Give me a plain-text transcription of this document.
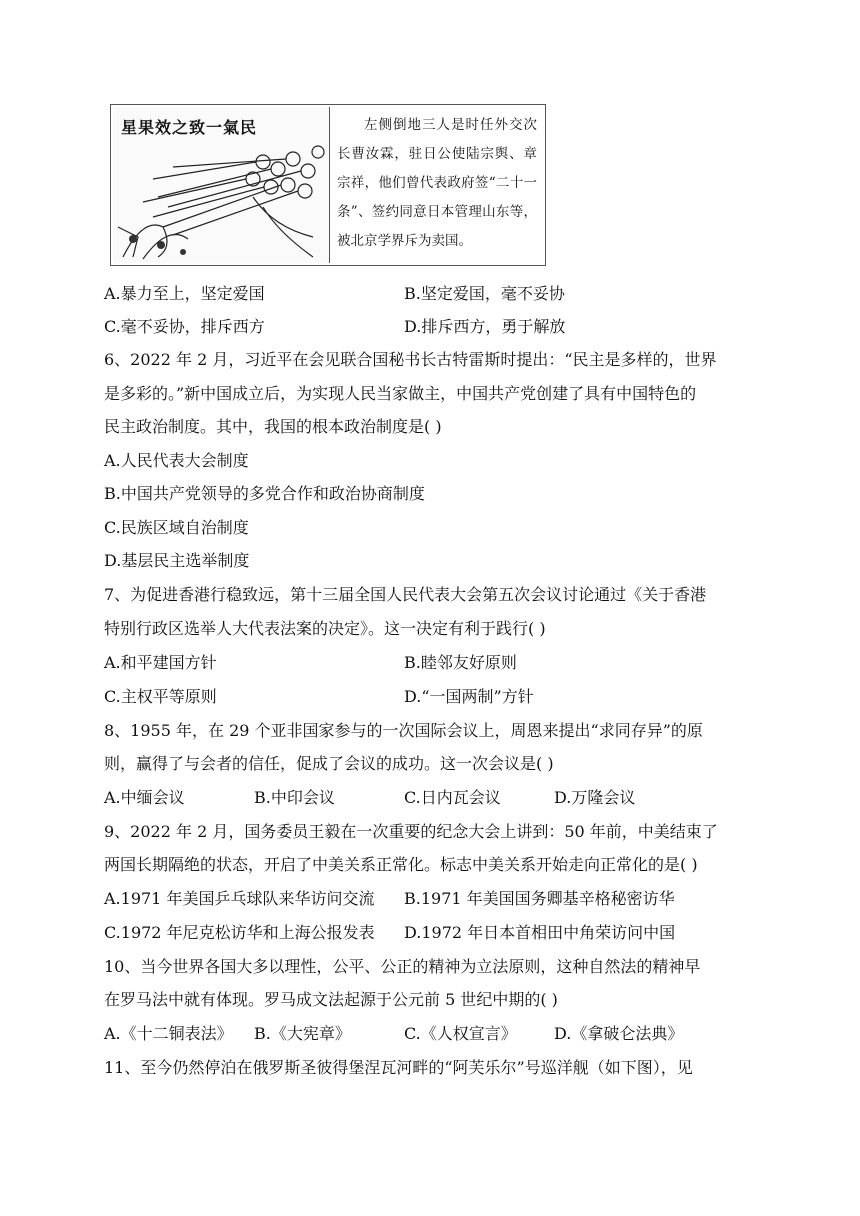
星果效之致一氣民	左侧倒地三人是时任外交次长曹汝霖，驻日公使陆宗舆、章宗祥，他们曾代表政府签“二十一条”、签约同意日本管理山东等，被北京学界斥为卖国。
A.暴力至上，坚定爱国	B.坚定爱国，毫不妥协
C.毫不妥协，排斥西方	D.排斥西方，勇于解放
6、2022 年 2 月，习近平在会见联合国秘书长古特雷斯时提出：“民主是多样的，世界
是多彩的。”新中国成立后，为实现人民当家做主，中国共产党创建了具有中国特色的
民主政治制度。其中，我国的根本政治制度是( )
A.人民代表大会制度
B.中国共产党领导的多党合作和政治协商制度
C.民族区域自治制度
D.基层民主选举制度
7、为促进香港行稳致远，第十三届全国人民代表大会第五次会议讨论通过《关于香港
特别行政区选举人大代表法案的决定》。这一决定有利于践行( )
A.和平建国方针	B.睦邻友好原则
C.主权平等原则	D.“一国两制”方针
8、1955 年，在 29 个亚非国家参与的一次国际会议上，周恩来提出“求同存异”的原
则，赢得了与会者的信任，促成了会议的成功。这一次会议是( )
A.中缅会议	B.中印会议	C.日内瓦会议	D.万隆会议
9、2022 年 2 月，国务委员王毅在一次重要的纪念大会上讲到：50 年前，中美结束了
两国长期隔绝的状态，开启了中美关系正常化。标志中美关系开始走向正常化的是( )
A.1971 年美国乒乓球队来华访问交流 B.1971 年美国国务卿基辛格秘密访华
C.1972 年尼克松访华和上海公报发表 D.1972 年日本首相田中角荣访问中国
10、当今世界各国大多以理性，公平、公正的精神为立法原则，这种自然法的精神早
在罗马法中就有体现。罗马成文法起源于公元前 5 世纪中期的( )
A.《十二铜表法》 B.《大宪章》	C.《人权宣言》 D.《拿破仑法典》
11、至今仍然停泊在俄罗斯圣彼得堡涅瓦河畔的“阿芙乐尔”号巡洋舰（如下图），见
